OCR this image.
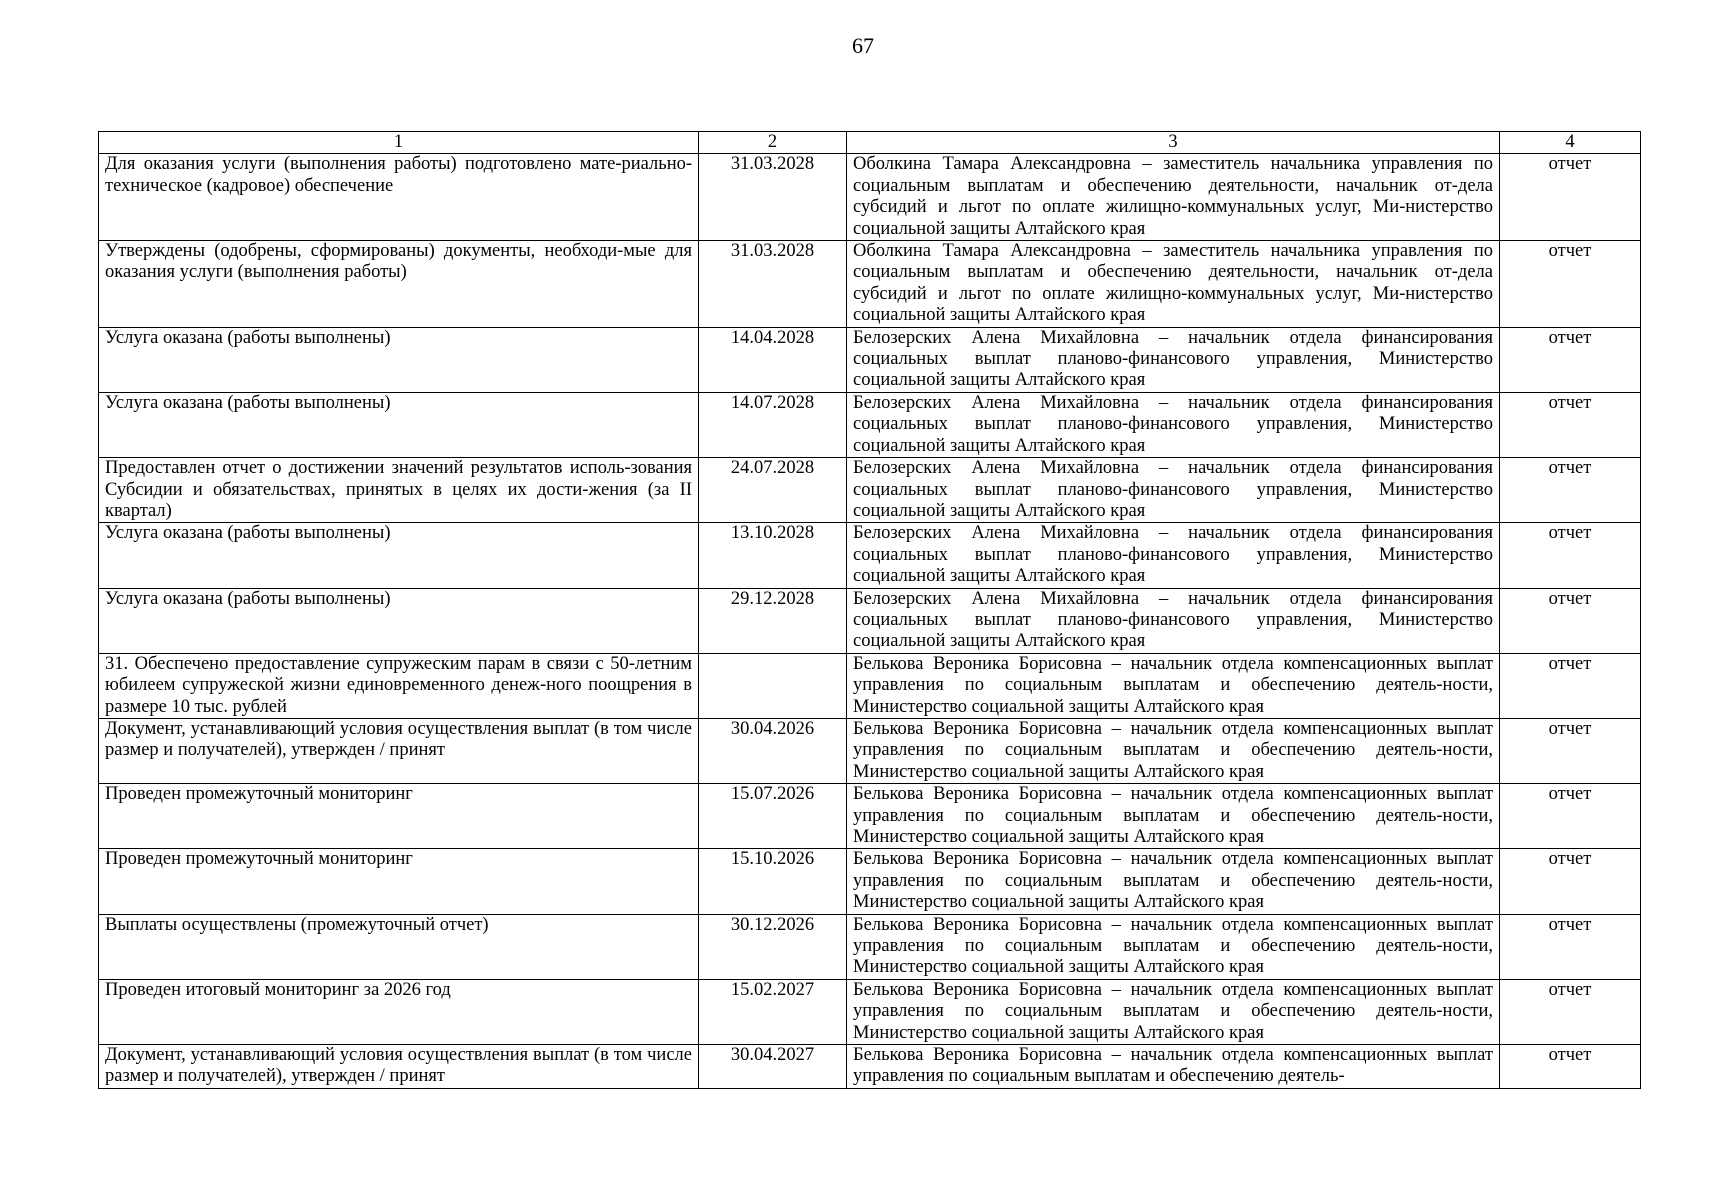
67
1	2	3	4
Для оказания услуги (выполнения работы) подготовлено мате-риально-техническое (кадровое) обеспечение	31.03.2028	Оболкина Тамара Александровна – заместитель начальника управления по социальным выплатам и обеспечению деятельности, начальник от-дела субсидий и льгот по оплате жилищно-коммунальных услуг, Ми-нистерство социальной защиты Алтайского края	отчет
Утверждены (одобрены, сформированы) документы, необходи-мые для оказания услуги (выполнения работы)	31.03.2028	Оболкина Тамара Александровна – заместитель начальника управления по социальным выплатам и обеспечению деятельности, начальник от-дела субсидий и льгот по оплате жилищно-коммунальных услуг, Ми-нистерство социальной защиты Алтайского края	отчет
Услуга оказана (работы выполнены)	14.04.2028	Белозерских Алена Михайловна – начальник отдела финансирования социальных выплат планово-финансового управления, Министерство социальной защиты Алтайского края	отчет
Услуга оказана (работы выполнены)	14.07.2028	Белозерских Алена Михайловна – начальник отдела финансирования социальных выплат планово-финансового управления, Министерство социальной защиты Алтайского края	отчет
Предоставлен отчет о достижении значений результатов исполь-зования Субсидии и обязательствах, принятых в целях их дости-жения (за II квартал)	24.07.2028	Белозерских Алена Михайловна – начальник отдела финансирования социальных выплат планово-финансового управления, Министерство социальной защиты Алтайского края	отчет
Услуга оказана (работы выполнены)	13.10.2028	Белозерских Алена Михайловна – начальник отдела финансирования социальных выплат планово-финансового управления, Министерство социальной защиты Алтайского края	отчет
Услуга оказана (работы выполнены)	29.12.2028	Белозерских Алена Михайловна – начальник отдела финансирования социальных выплат планово-финансового управления, Министерство социальной защиты Алтайского края	отчет
31. Обеспечено предоставление супружеским парам в связи с 50-летним юбилеем супружеской жизни единовременного денеж-ного поощрения в размере 10 тыс. рублей		Белькова Вероника Борисовна – начальник отдела компенсационных выплат управления по социальным выплатам и обеспечению деятель-ности, Министерство социальной защиты Алтайского края	отчет
Документ, устанавливающий условия осуществления выплат (в том числе размер и получателей), утвержден / принят	30.04.2026	Белькова Вероника Борисовна – начальник отдела компенсационных выплат управления по социальным выплатам и обеспечению деятель-ности, Министерство социальной защиты Алтайского края	отчет
Проведен промежуточный мониторинг	15.07.2026	Белькова Вероника Борисовна – начальник отдела компенсационных выплат управления по социальным выплатам и обеспечению деятель-ности, Министерство социальной защиты Алтайского края	отчет
Проведен промежуточный мониторинг	15.10.2026	Белькова Вероника Борисовна – начальник отдела компенсационных выплат управления по социальным выплатам и обеспечению деятель-ности, Министерство социальной защиты Алтайского края	отчет
Выплаты осуществлены (промежуточный отчет)	30.12.2026	Белькова Вероника Борисовна – начальник отдела компенсационных выплат управления по социальным выплатам и обеспечению деятель-ности, Министерство социальной защиты Алтайского края	отчет
Проведен итоговый мониторинг за 2026 год	15.02.2027	Белькова Вероника Борисовна – начальник отдела компенсационных выплат управления по социальным выплатам и обеспечению деятель-ности, Министерство социальной защиты Алтайского края	отчет
Документ, устанавливающий условия осуществления выплат (в том числе размер и получателей), утвержден / принят	30.04.2027	Белькова Вероника Борисовна – начальник отдела компенсационных выплат управления по социальным выплатам и обеспечению деятель-	отчет
